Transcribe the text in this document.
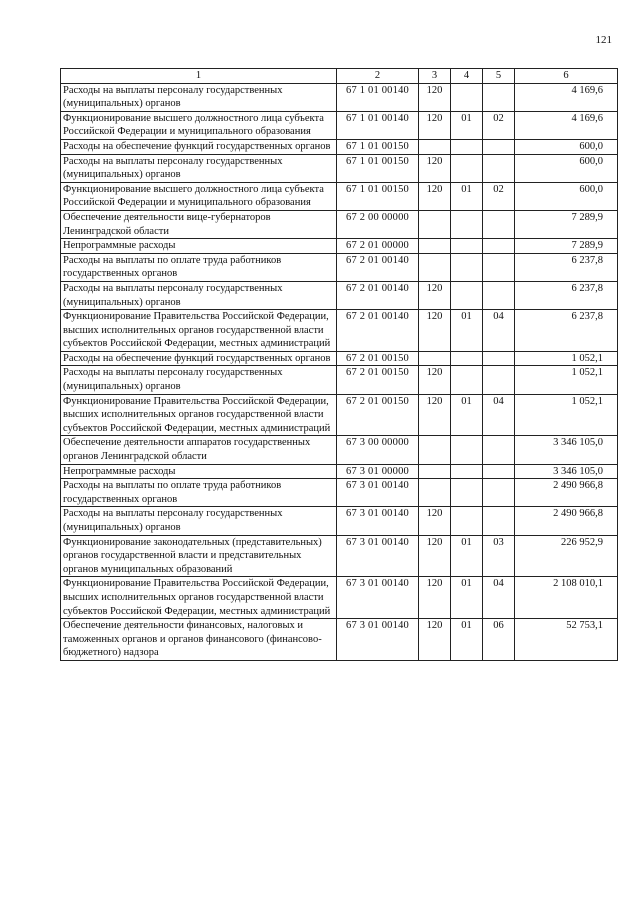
121
1	2	3	4	5	6
Расходы на выплаты персоналу государственных (муниципальных) органов	67 1 01 00140	120			4 169,6
Функционирование высшего должностного лица субъекта Российской Федерации и муниципального образования	67 1 01 00140	120	01	02	4 169,6
Расходы на обеспечение функций государственных органов	67 1 01 00150				600,0
Расходы на выплаты персоналу государственных (муниципальных) органов	67 1 01 00150	120			600,0
Функционирование высшего должностного лица субъекта Российской Федерации и муниципального образования	67 1 01 00150	120	01	02	600,0
Обеспечение деятельности вице-губернаторов Ленинградской области	67 2 00 00000				7 289,9
Непрограммные расходы	67 2 01 00000				7 289,9
Расходы на выплаты по оплате труда работников государственных органов	67 2 01 00140				6 237,8
Расходы на выплаты персоналу государственных (муниципальных) органов	67 2 01 00140	120			6 237,8
Функционирование Правительства Российской Федерации, высших исполнительных органов государственной власти субъектов Российской Федерации, местных администраций	67 2 01 00140	120	01	04	6 237,8
Расходы на обеспечение функций государственных органов	67 2 01 00150				1 052,1
Расходы на выплаты персоналу государственных (муниципальных) органов	67 2 01 00150	120			1 052,1
Функционирование Правительства Российской Федерации, высших исполнительных органов государственной власти субъектов Российской Федерации, местных администраций	67 2 01 00150	120	01	04	1 052,1
Обеспечение деятельности аппаратов государственных органов Ленинградской области	67 3 00 00000				3 346 105,0
Непрограммные расходы	67 3 01 00000				3 346 105,0
Расходы на выплаты по оплате труда работников государственных органов	67 3 01 00140				2 490 966,8
Расходы на выплаты персоналу государственных (муниципальных) органов	67 3 01 00140	120			2 490 966,8
Функционирование законодательных (представительных) органов государственной власти и представительных органов муниципальных образований	67 3 01 00140	120	01	03	226 952,9
Функционирование Правительства Российской Федерации, высших исполнительных органов государственной власти субъектов Российской Федерации, местных администраций	67 3 01 00140	120	01	04	2 108 010,1
Обеспечение деятельности финансовых, налоговых и таможенных органов и органов финансового (финансово-бюджетного) надзора	67 3 01 00140	120	01	06	52 753,1
